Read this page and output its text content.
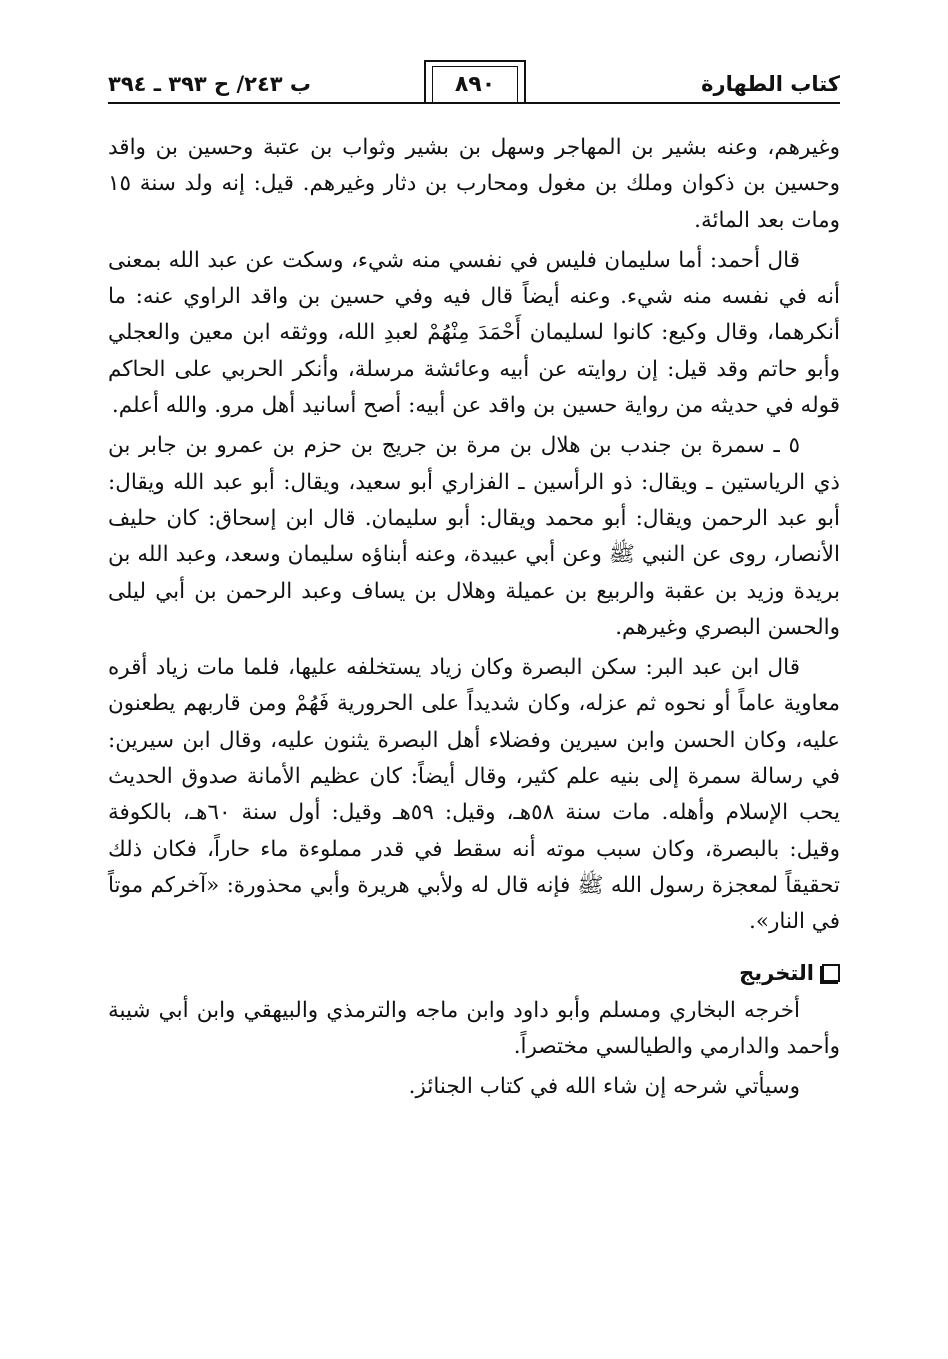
كتاب الطهارة
٨٩٠
ب ٢٤٣/ ح ٣٩٣ ـ ٣٩٤

وغيرهم، وعنه بشير بن المهاجر وسهل بن بشير وثواب بن عتبة وحسين بن واقد وحسين بن ذكوان وملك بن مغول ومحارب بن دثار وغيرهم. قيل: إنه ولد سنة ١٥ ومات بعد المائة.

قال أحمد: أما سليمان فليس في نفسي منه شيء، وسكت عن عبد الله بمعنى أنه في نفسه منه شيء. وعنه أيضاً قال فيه وفي حسين بن واقد الراوي عنه: ما أنكرهما، وقال وكيع: كانوا لسليمان أَحْمَدَ مِنْهُمْ لعبدِ الله، ووثقه ابن معين والعجلي وأبو حاتم وقد قيل: إن روايته عن أبيه وعائشة مرسلة، وأنكر الحربي على الحاكم قوله في حديثه من رواية حسين بن واقد عن أبيه: أصح أسانيد أهل مرو. والله أعلم.

٥ ـ سمرة بن جندب بن هلال بن مرة بن جريج بن حزم بن عمرو بن جابر بن ذي الرياستين ـ ويقال: ذو الرأسين ـ الفزاري أبو سعيد، ويقال: أبو عبد الله ويقال: أبو عبد الرحمن ويقال: أبو محمد ويقال: أبو سليمان. قال ابن إسحاق: كان حليف الأنصار، روى عن النبي ﷺ وعن أبي عبيدة، وعنه أبناؤه سليمان وسعد، وعبد الله بن بريدة وزيد بن عقبة والربيع بن عميلة وهلال بن يساف وعبد الرحمن بن أبي ليلى والحسن البصري وغيرهم.

قال ابن عبد البر: سكن البصرة وكان زياد يستخلفه عليها، فلما مات زياد أقره معاوية عاماً أو نحوه ثم عزله، وكان شديداً على الحرورية فَهُمْ ومن قاربهم يطعنون عليه، وكان الحسن وابن سيرين وفضلاء أهل البصرة يثنون عليه، وقال ابن سيرين: في رسالة سمرة إلى بنيه علم كثير، وقال أيضاً: كان عظيم الأمانة صدوق الحديث يحب الإسلام وأهله. مات سنة ٥٨هـ، وقيل: ٥٩هـ وقيل: أول سنة ٦٠هـ، بالكوفة وقيل: بالبصرة، وكان سبب موته أنه سقط في قدر مملوءة ماء حاراً، فكان ذلك تحقيقاً لمعجزة رسول الله ﷺ فإنه قال له ولأبي هريرة وأبي محذورة: «آخركم موتاً في النار».

التخريج

أخرجه البخاري ومسلم وأبو داود وابن ماجه والترمذي والبيهقي وابن أبي شيبة وأحمد والدارمي والطيالسي مختصراً.

وسيأتي شرحه إن شاء الله في كتاب الجنائز.
